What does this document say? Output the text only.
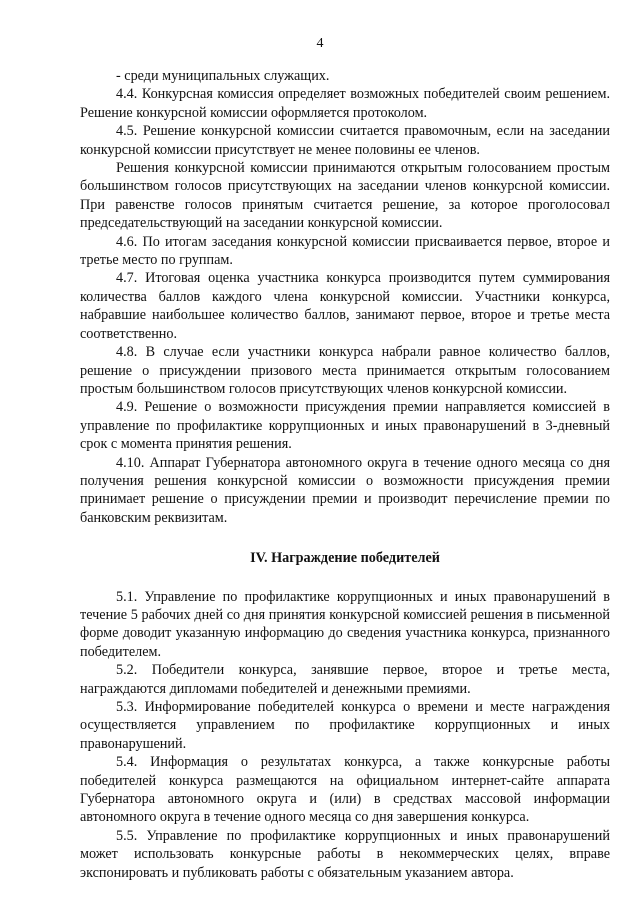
4

- среди муниципальных служащих.

4.4. Конкурсная комиссия определяет возможных победителей своим решением. Решение конкурсной комиссии оформляется протоколом.

4.5. Решение конкурсной комиссии считается правомочным, если на заседании конкурсной комиссии присутствует не менее половины ее членов.

Решения конкурсной комиссии принимаются открытым голосованием простым большинством голосов присутствующих на заседании членов конкурсной комиссии. При равенстве голосов принятым считается решение, за которое проголосовал председательствующий на заседании конкурсной комиссии.

4.6. По итогам заседания конкурсной комиссии присваивается первое, второе и третье место по группам.

4.7. Итоговая оценка участника конкурса производится путем суммирования количества баллов каждого члена конкурсной комиссии. Участники конкурса, набравшие наибольшее количество баллов, занимают первое, второе и третье места соответственно.

4.8. В случае если участники конкурса набрали равное количество баллов, решение о присуждении призового места принимается открытым голосованием простым большинством голосов присутствующих членов конкурсной комиссии.

4.9. Решение о возможности присуждения премии направляется комиссией в управление по профилактике коррупционных и иных правонарушений в 3-дневный срок с момента принятия решения.

4.10. Аппарат Губернатора автономного округа в течение одного месяца со дня получения решения конкурсной комиссии о возможности присуждения премии принимает решение о присуждении премии и производит перечисление премии по банковским реквизитам.

IV. Награждение победителей

5.1. Управление по профилактике коррупционных и иных правонарушений в течение 5 рабочих дней со дня принятия конкурсной комиссией решения в письменной форме доводит указанную информацию до сведения участника конкурса, признанного победителем.

5.2. Победители конкурса, занявшие первое, второе и третье места, награждаются дипломами победителей и денежными премиями.

5.3. Информирование победителей конкурса о времени и месте награждения осуществляется управлением по профилактике коррупционных и иных правонарушений.

5.4. Информация о результатах конкурса, а также конкурсные работы победителей конкурса размещаются на официальном интернет-сайте аппарата Губернатора автономного округа и (или) в средствах массовой информации автономного округа в течение одного месяца со дня завершения конкурса.

5.5. Управление по профилактике коррупционных и иных правонарушений может использовать конкурсные работы в некоммерческих целях, вправе экспонировать и публиковать работы с обязательным указанием автора.
